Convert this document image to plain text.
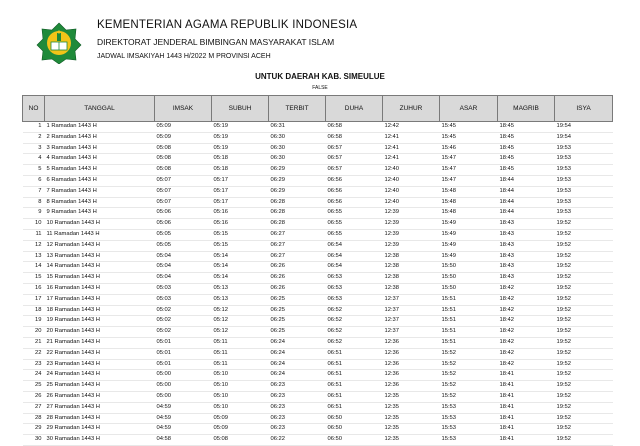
KEMENTERIAN AGAMA REPUBLIK INDONESIA
DIREKTORAT JENDERAL BIMBINGAN MASYARAKAT ISLAM
JADWAL IMSAKIYAH 1443 H/2022 M PROVINSI ACEH
UNTUK DAERAH KAB. SIMEULUE
FALSE
NO	TANGGAL	IMSAK	SUBUH	TERBIT	DUHA	ZUHUR	ASAR	MAGRIB	ISYA
1	1 Ramadan 1443 H	05:09	05:19	06:31	06:58	12:42	15:45	18:45	19:54
2	2 Ramadan 1443 H	05:09	05:19	06:30	06:58	12:41	15:45	18:45	19:54
3	3 Ramadan 1443 H	05:08	05:19	06:30	06:57	12:41	15:46	18:45	19:53
4	4 Ramadan 1443 H	05:08	05:18	06:30	06:57	12:41	15:47	18:45	19:53
5	5 Ramadan 1443 H	05:08	05:18	06:29	06:57	12:40	15:47	18:45	19:53
6	6 Ramadan 1443 H	05:07	05:17	06:29	06:56	12:40	15:47	18:44	19:53
7	7 Ramadan 1443 H	05:07	05:17	06:29	06:56	12:40	15:48	18:44	19:53
8	8 Ramadan 1443 H	05:07	05:17	06:28	06:56	12:40	15:48	18:44	19:53
9	9 Ramadan 1443 H	05:06	05:16	06:28	06:55	12:39	15:48	18:44	19:53
10	10 Ramadan 1443 H	05:06	05:16	06:28	06:55	12:39	15:49	18:43	19:52
11	11 Ramadan 1443 H	05:05	05:15	06:27	06:55	12:39	15:49	18:43	19:52
12	12 Ramadan 1443 H	05:05	05:15	06:27	06:54	12:39	15:49	18:43	19:52
13	13 Ramadan 1443 H	05:04	05:14	06:27	06:54	12:38	15:49	18:43	19:52
14	14 Ramadan 1443 H	05:04	05:14	06:26	06:54	12:38	15:50	18:43	19:52
15	15 Ramadan 1443 H	05:04	05:14	06:26	06:53	12:38	15:50	18:43	19:52
16	16 Ramadan 1443 H	05:03	05:13	06:26	06:53	12:38	15:50	18:42	19:52
17	17 Ramadan 1443 H	05:03	05:13	06:25	06:53	12:37	15:51	18:42	19:52
18	18 Ramadan 1443 H	05:02	05:12	06:25	06:52	12:37	15:51	18:42	19:52
19	19 Ramadan 1443 H	05:02	05:12	06:25	06:52	12:37	15:51	18:42	19:52
20	20 Ramadan 1443 H	05:02	05:12	06:25	06:52	12:37	15:51	18:42	19:52
21	21 Ramadan 1443 H	05:01	05:11	06:24	06:52	12:36	15:51	18:42	19:52
22	22 Ramadan 1443 H	05:01	05:11	06:24	06:51	12:36	15:52	18:42	19:52
23	23 Ramadan 1443 H	05:01	05:11	06:24	06:51	12:36	15:52	18:42	19:52
24	24 Ramadan 1443 H	05:00	05:10	06:24	06:51	12:36	15:52	18:41	19:52
25	25 Ramadan 1443 H	05:00	05:10	06:23	06:51	12:36	15:52	18:41	19:52
26	26 Ramadan 1443 H	05:00	05:10	06:23	06:51	12:35	15:52	18:41	19:52
27	27 Ramadan 1443 H	04:59	05:10	06:23	06:51	12:35	15:53	18:41	19:52
28	28 Ramadan 1443 H	04:59	05:09	06:23	06:50	12:35	15:53	18:41	19:52
29	29 Ramadan 1443 H	04:59	05:09	06:23	06:50	12:35	15:53	18:41	19:52
30	30 Ramadan 1443 H	04:58	05:08	06:22	06:50	12:35	15:53	18:41	19:52
